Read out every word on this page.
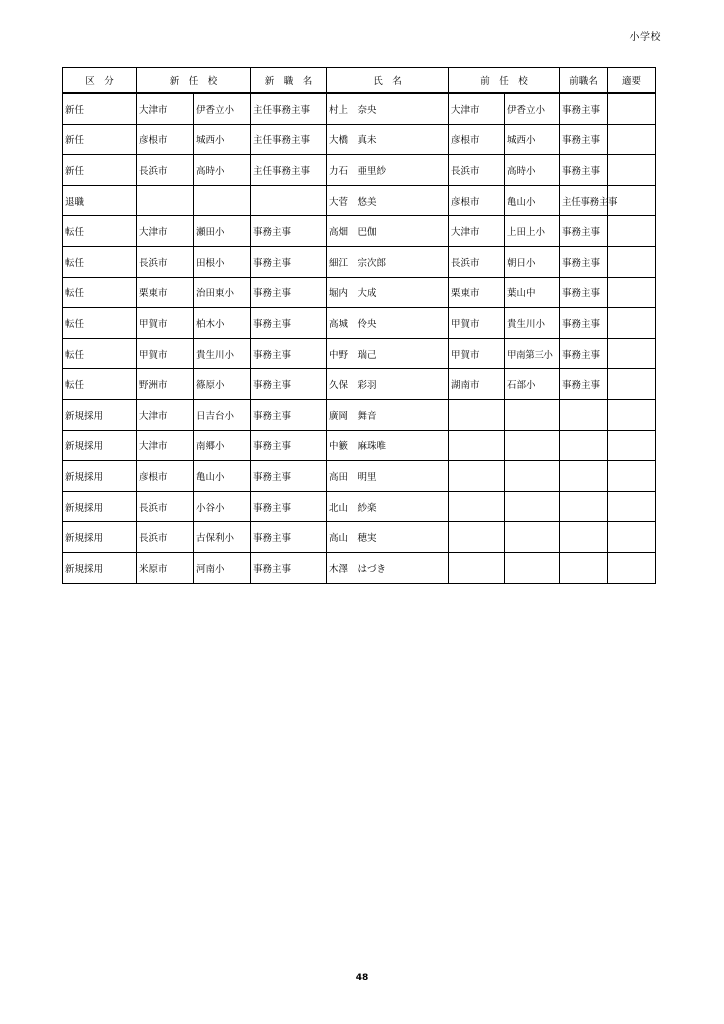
小学校
区　分	新　任　校		新　職　名	氏　名	前　任　校		前職名	適要
新任	大津市	伊香立小	主任事務主事	村上　奈央	大津市	伊香立小	事務主事	
新任	彦根市	城西小	主任事務主事	大橋　真未	彦根市	城西小	事務主事	
新任	長浜市	高時小	主任事務主事	力石　亜里紗	長浜市	高時小	事務主事	
退職				大菅　悠美	彦根市	亀山小	主任事務主事	
転任	大津市	瀬田小	事務主事	高畑　巴伽	大津市	上田上小	事務主事	
転任	長浜市	田根小	事務主事	細江　宗次郎	長浜市	朝日小	事務主事	
転任	栗東市	治田東小	事務主事	堀内　大成	栗東市	葉山中	事務主事	
転任	甲賀市	柏木小	事務主事	高城　伶央	甲賀市	貴生川小	事務主事	
転任	甲賀市	貴生川小	事務主事	中野　瑞己	甲賀市	甲南第三小	事務主事	
転任	野洲市	篠原小	事務主事	久保　彩羽	湖南市	石部小	事務主事	
新規採用	大津市	日吉台小	事務主事	廣岡　舞音				
新規採用	大津市	南郷小	事務主事	中籔　麻珠唯				
新規採用	彦根市	亀山小	事務主事	高田　明里				
新規採用	長浜市	小谷小	事務主事	北山　紗楽				
新規採用	長浜市	古保利小	事務主事	高山　穂実				
新規採用	米原市	河南小	事務主事	木澤　はづき				
48
